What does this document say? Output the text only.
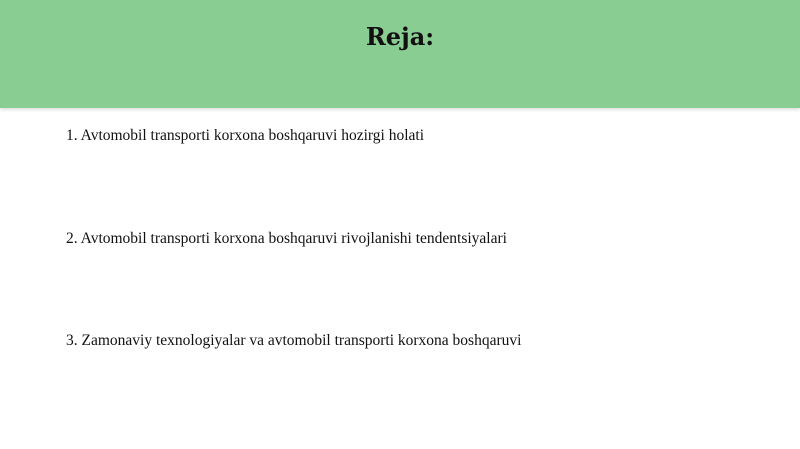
Reja:
1. Avtomobil transporti korxona boshqaruvi hozirgi holati
2. Avtomobil transporti korxona boshqaruvi rivojlanishi tendentsiyalari
3. Zamonaviy texnologiyalar va avtomobil transporti korxona boshqaruvi
